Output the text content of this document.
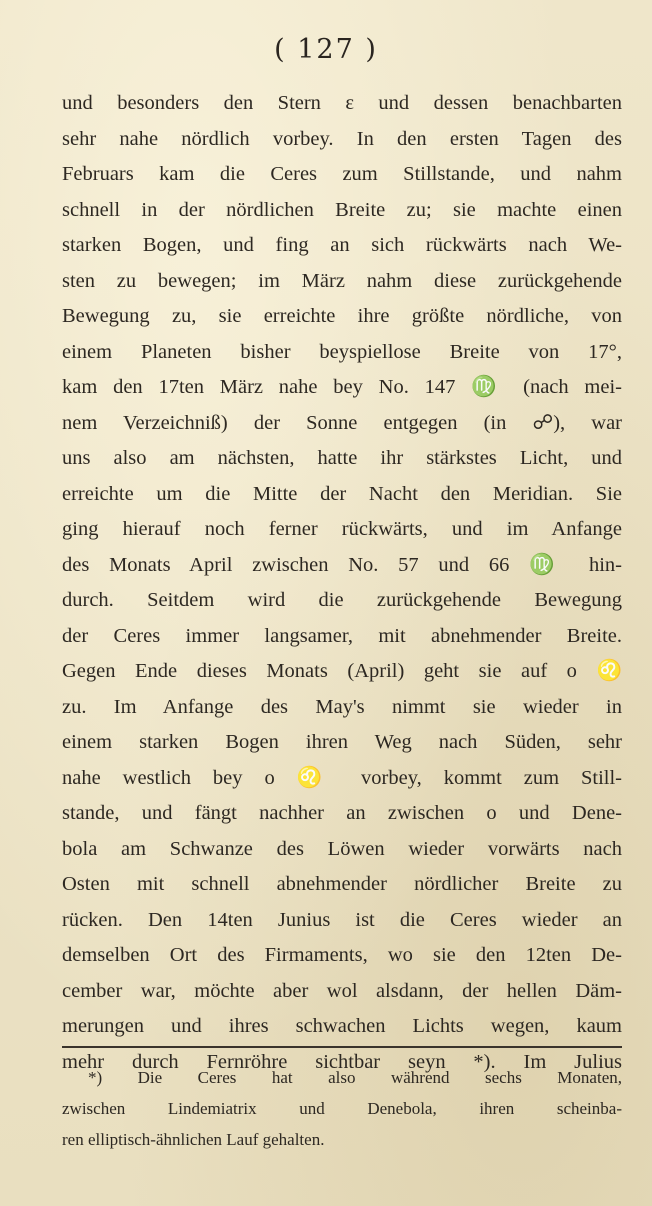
( 127 )
und besonders den Stern ε und dessen benachbarten
sehr nahe nördlich vorbey. In den ersten Tagen des
Februars kam die Ceres zum Stillstande, und nahm
schnell in der nördlichen Breite zu; sie machte einen
starken Bogen, und fing an sich rückwärts nach We-
sten zu bewegen; im März nahm diese zurückgehende
Bewegung zu, sie erreichte ihre größte nördliche, von
einem Planeten bisher beyspiellose Breite von 17°,
kam den 17ten März nahe bey No. 147 ♍ (nach mei-
nem Verzeichniß) der Sonne entgegen (in ☍), war
uns also am nächsten, hatte ihr stärkstes Licht, und
erreichte um die Mitte der Nacht den Meridian. Sie
ging hierauf noch ferner rückwärts, und im Anfange
des Monats April zwischen No. 57 und 66 ♍ hin-
durch. Seitdem wird die zurückgehende Bewegung
der Ceres immer langsamer, mit abnehmender Breite.
Gegen Ende dieses Monats (April) geht sie auf ο ♌
zu. Im Anfange des May's nimmt sie wieder in
einem starken Bogen ihren Weg nach Süden, sehr
nahe westlich bey ο ♌ vorbey, kommt zum Still-
stande, und fängt nachher an zwischen ο und Dene-
bola am Schwanze des Löwen wieder vorwärts nach
Osten mit schnell abnehmender nördlicher Breite zu
rücken. Den 14ten Junius ist die Ceres wieder an
demselben Ort des Firmaments, wo sie den 12ten De-
cember war, möchte aber wol alsdann, der hellen Däm-
merungen und ihres schwachen Lichts wegen, kaum
mehr durch Fernröhre sichtbar seyn *). Im Julius
*) Die Ceres hat also während sechs Monaten,
zwischen Lindemiatrix und Denebola, ihren scheinba-
ren elliptisch-ähnlichen Lauf gehalten.
